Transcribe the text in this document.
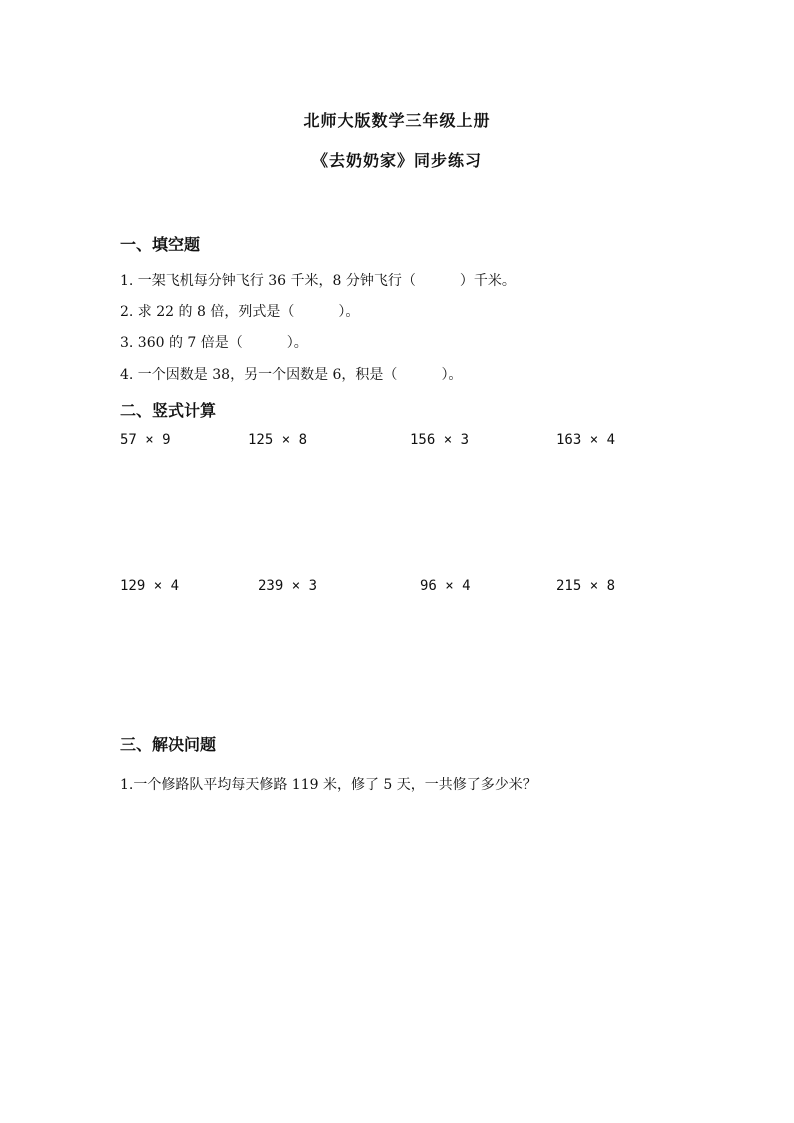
北师大版数学三年级上册
《去奶奶家》同步练习
一、填空题

1. 一架飞机每分钟飞行 36 千米，8 分钟飞行（	）千米。

2. 求 22 的 8 倍，列式是（	）。

3. 360 的 7 倍是（	）。

4. 一个因数是 38，另一个因数是 6，积是（	）。

二、竖式计算
57 × 9	125 × 8	156 × 3	163 × 4
129 × 4	239 × 3	96 × 4	215 × 8
三、解决问题

1.一个修路队平均每天修路 119 米，修了 5 天，一共修了多少米？
